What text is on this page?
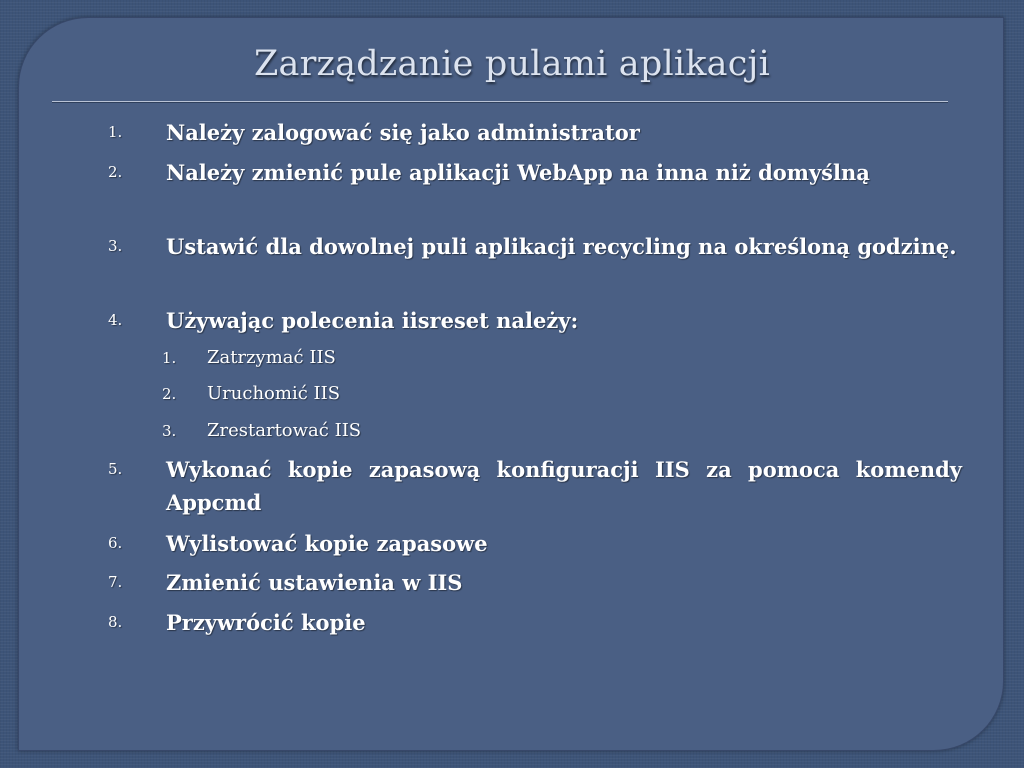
Zarządzanie pulami aplikacji
1.	Należy zalogować się jako administrator
2.	Należy zmienić pule aplikacji WebApp na inna niż domyślną
3.	Ustawić dla dowolnej puli aplikacji recycling na określoną godzinę.
4.	Używając polecenia iisreset należy:
1.	Zatrzymać IIS
2.	Uruchomić IIS
3.	Zrestartować IIS
5.	Wykonać kopie zapasową konfiguracji IIS za pomoca komendy Appcmd
6.	Wylistować kopie zapasowe
7.	Zmienić ustawienia w IIS
8.	Przywrócić kopie
